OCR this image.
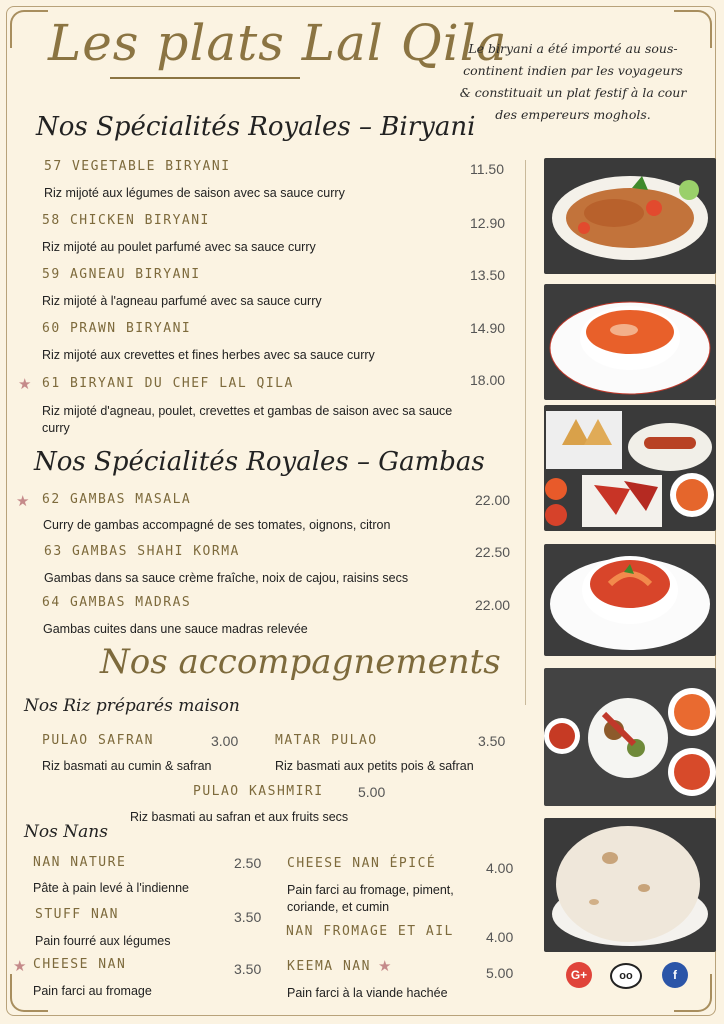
Les plats Lal Qila
Le biryani a été importé au sous-continent indien par les voyageurs & constituait un plat festif à la cour des empereurs moghols.
Nos Spécialités Royales – Biryani
57 VEGETABLE BIRYANI	11.50
Riz mijoté aux légumes de saison avec sa sauce curry
58 CHICKEN BIRYANI	12.90
Riz mijoté au poulet parfumé avec sa sauce curry
59 AGNEAU BIRYANI	13.50
Riz mijoté à l'agneau parfumé avec sa sauce curry
60 PRAWN BIRYANI	14.90
Riz mijoté aux crevettes et fines herbes avec sa sauce curry
★ 61 BIRYANI DU CHEF LAL QILA	18.00
Riz mijoté d'agneau, poulet, crevettes et gambas de saison avec sa sauce curry
Nos Spécialités Royales – Gambas
★ 62 GAMBAS MASALA	22.00
Curry de gambas accompagné de ses tomates, oignons, citron
63 GAMBAS SHAHI KORMA	22.50
Gambas dans sa sauce crème fraîche, noix de cajou, raisins secs
64 GAMBAS MADRAS	22.00
Gambas cuites dans une sauce madras relevée
Nos accompagnements
Nos Riz préparés maison
PULAO SAFRAN	3.00
Riz basmati au cumin & safran
MATAR PULAO	3.50
Riz basmati aux petits pois & safran
PULAO KASHMIRI 5.00
Riz basmati au safran et aux fruits secs
Nos Nans
NAN NATURE	2.50
Pâte à pain levé à l'indienne
STUFF NAN	3.50
Pain fourré aux légumes
★ CHEESE NAN	3.50
Pain farci au fromage
CHEESE NAN ÉPICÉ	4.00
Pain farci au fromage, piment, coriande, et cumin
NAN FROMAGE ET AIL 4.00
KEEMA NAN ★	5.00
Pain farci à la viande hachée
G+	oo	f
